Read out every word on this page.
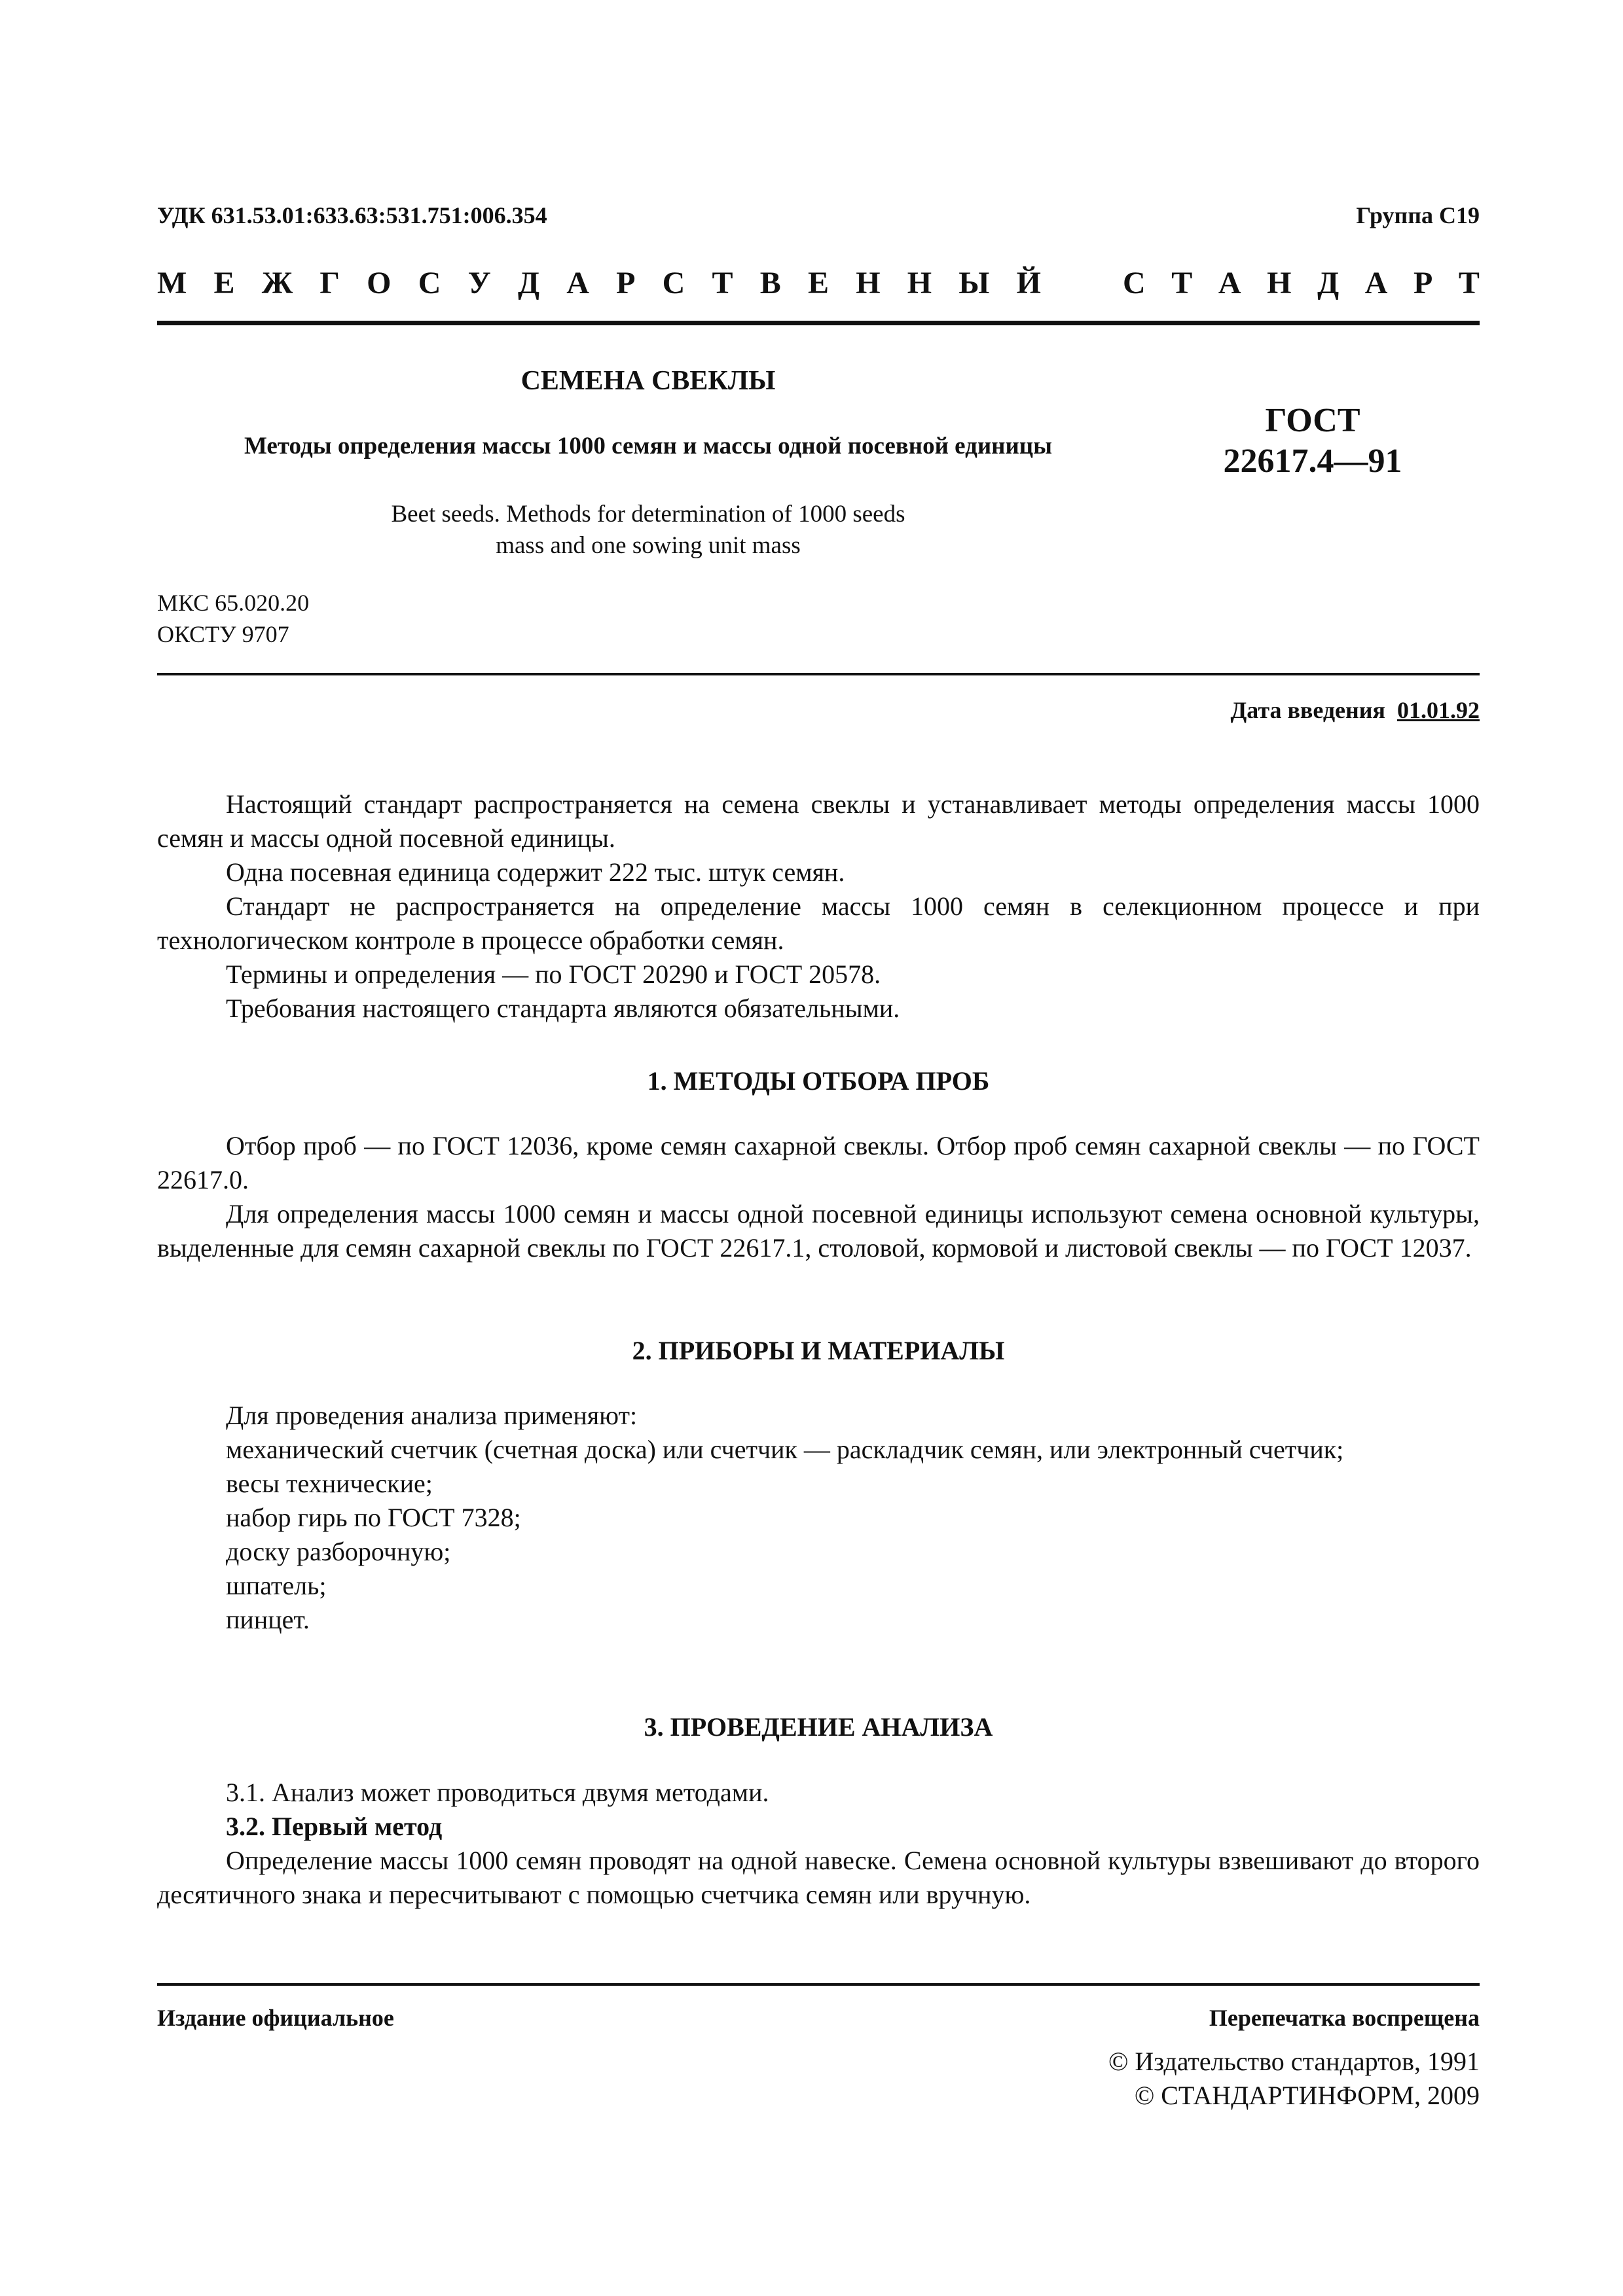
УДК 631.53.01:633.63:531.751:006.354	Группа С19
М Е Ж Г О С У Д А Р С Т В Е Н Н Ы Й	С Т А Н Д А Р Т
СЕМЕНА СВЕКЛЫ
Методы определения массы 1000 семян и массы одной посевной единицы
ГОСТ
22617.4—91
Beet seeds. Methods for determination of 1000 seeds
mass and one sowing unit mass
МКС 65.020.20
ОКСТУ 9707
Дата введения 01.01.92

Настоящий стандарт распространяется на семена свеклы и устанавливает методы определения массы 1000 семян и массы одной посевной единицы.

Одна посевная единица содержит 222 тыс. штук семян.

Стандарт не распространяется на определение массы 1000 семян в селекционном процессе и при технологическом контроле в процессе обработки семян.

Термины и определения — по ГОСТ 20290 и ГОСТ 20578.

Требования настоящего стандарта являются обязательными.

1. МЕТОДЫ ОТБОРА ПРОБ

Отбор проб — по ГОСТ 12036, кроме семян сахарной свеклы. Отбор проб семян сахарной свеклы — по ГОСТ 22617.0.

Для определения массы 1000 семян и массы одной посевной единицы используют семена основной культуры, выделенные для семян сахарной свеклы по ГОСТ 22617.1, столовой, кормовой и листовой свеклы — по ГОСТ 12037.

2. ПРИБОРЫ И МАТЕРИАЛЫ

Для проведения анализа применяют:

механический счетчик (счетная доска) или счетчик — раскладчик семян, или электронный счетчик;

весы технические;

набор гирь по ГОСТ 7328;

доску разборочную;

шпатель;

пинцет.

3. ПРОВЕДЕНИЕ АНАЛИЗА

3.1. Анализ может проводиться двумя методами.

3.2. Первый метод

Определение массы 1000 семян проводят на одной навеске. Семена основной культуры взвешивают до второго десятичного знака и пересчитывают с помощью счетчика семян или вручную.

Издание официальное	Перепечатка воспрещена
© Издательство стандартов, 1991
© СТАНДАРТИНФОРМ, 2009
